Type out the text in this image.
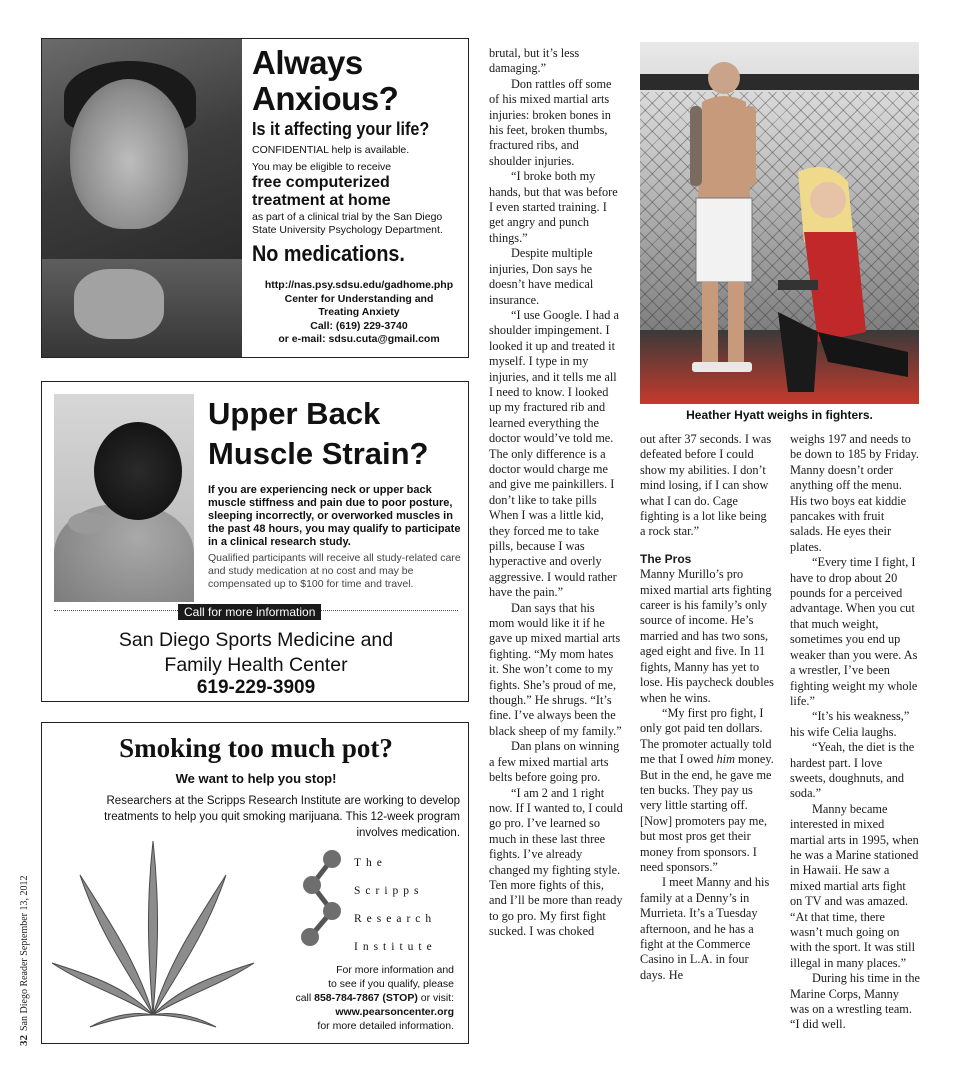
Always Anxious?
Is it affecting your life?
CONFIDENTIAL help is available.
You may be eligible to receive
free computerized treatment at home
as part of a clinical trial by the San Diego State University Psychology Department.
No medications.
http://nas.psy.sdsu.edu/gadhome.php
Center for Understanding and Treating Anxiety
Call: (619) 229-3740
or e-mail: sdsu.cuta@gmail.com
Upper Back Muscle Strain?
If you are experiencing neck or upper back muscle stiffness and pain due to poor posture, sleeping incorrectly, or overworked muscles in the past 48 hours, you may qualify to participate in a clinical research study.
Qualified participants will receive all study-related care and study medication at no cost and may be compensated up to $100 for time and travel.
Call for more information
San Diego Sports Medicine and Family Health Center
619-229-3909
Smoking too much pot?
We want to help you stop!
Researchers at the Scripps Research Institute are working to develop treatments to help you quit smoking marijuana. This 12-week program involves medication.
The
Scripps
Research
Institute
For more information and
to see if you qualify, please
call 858-784-7867 (STOP) or visit:
www.pearsoncenter.org
for more detailed information.
32San Diego Reader September 13, 2012

brutal, but it’s less damaging.”

Don rattles off some of his mixed martial arts injuries: broken bones in his feet, broken thumbs, fractured ribs, and shoulder injuries.

“I broke both my hands, but that was before I even started training. I get angry and punch things.”

Despite multiple injuries, Don says he doesn’t have medical insurance.

“I use Google. I had a shoulder impingement. I looked it up and treated it myself. I type in my injuries, and it tells me all I need to know. I looked up my fractured rib and learned everything the doctor would’ve told me. The only difference is a doctor would charge me and give me painkillers. I don’t like to take pills When I was a little kid, they forced me to take pills, because I was hyperactive and overly aggressive. I would rather have the pain.”

Dan says that his mom would like it if he gave up mixed martial arts fighting. “My mom hates it. She won’t come to my fights. She’s proud of me, though.” He shrugs. “It’s fine. I’ve always been the black sheep of my family.”

Dan plans on winning a few mixed martial arts belts before going pro.

“I am 2 and 1 right now. If I wanted to, I could go pro. I’ve learned so much in these last three fights. I’ve already changed my fighting style. Ten more fights of this, and I’ll be more than ready to go pro. My first fight sucked. I was choked

Heather Hyatt weighs in fighters.

out after 37 seconds. I was defeated before I could show my abilities. I don’t mind losing, if I can show what I can do. Cage fighting is a lot like being a rock star.”

The Pros

Manny Murillo’s pro mixed martial arts fighting career is his family’s only source of income. He’s married and has two sons, aged eight and five. In 11 fights, Manny has yet to lose. His paycheck doubles when he wins.

“My first pro fight, I only got paid ten dollars. The promoter actually told me that I owed him money. But in the end, he gave me ten bucks. They pay us very little starting off. [Now] promoters pay me, but most pros get their money from sponsors. I need sponsors.”

I meet Manny and his family at a Denny’s in Murrieta. It’s a Tuesday afternoon, and he has a fight at the Commerce Casino in L.A. in four days. He

weighs 197 and needs to be down to 185 by Friday. Manny doesn’t order anything off the menu. His two boys eat kiddie pancakes with fruit salads. He eyes their plates.

“Every time I fight, I have to drop about 20 pounds for a perceived advantage. When you cut that much weight, sometimes you end up weaker than you were. As a wrestler, I’ve been fighting weight my whole life.”

“It’s his weakness,” his wife Celia laughs.

“Yeah, the diet is the hardest part. I love sweets, doughnuts, and soda.”

Manny became interested in mixed martial arts in 1995, when he was a Marine stationed in Hawaii. He saw a mixed martial arts fight on TV and was amazed. “At that time, there wasn’t much going on with the sport. It was still illegal in many places.”

During his time in the Marine Corps, Manny was on a wrestling team. “I did well.
